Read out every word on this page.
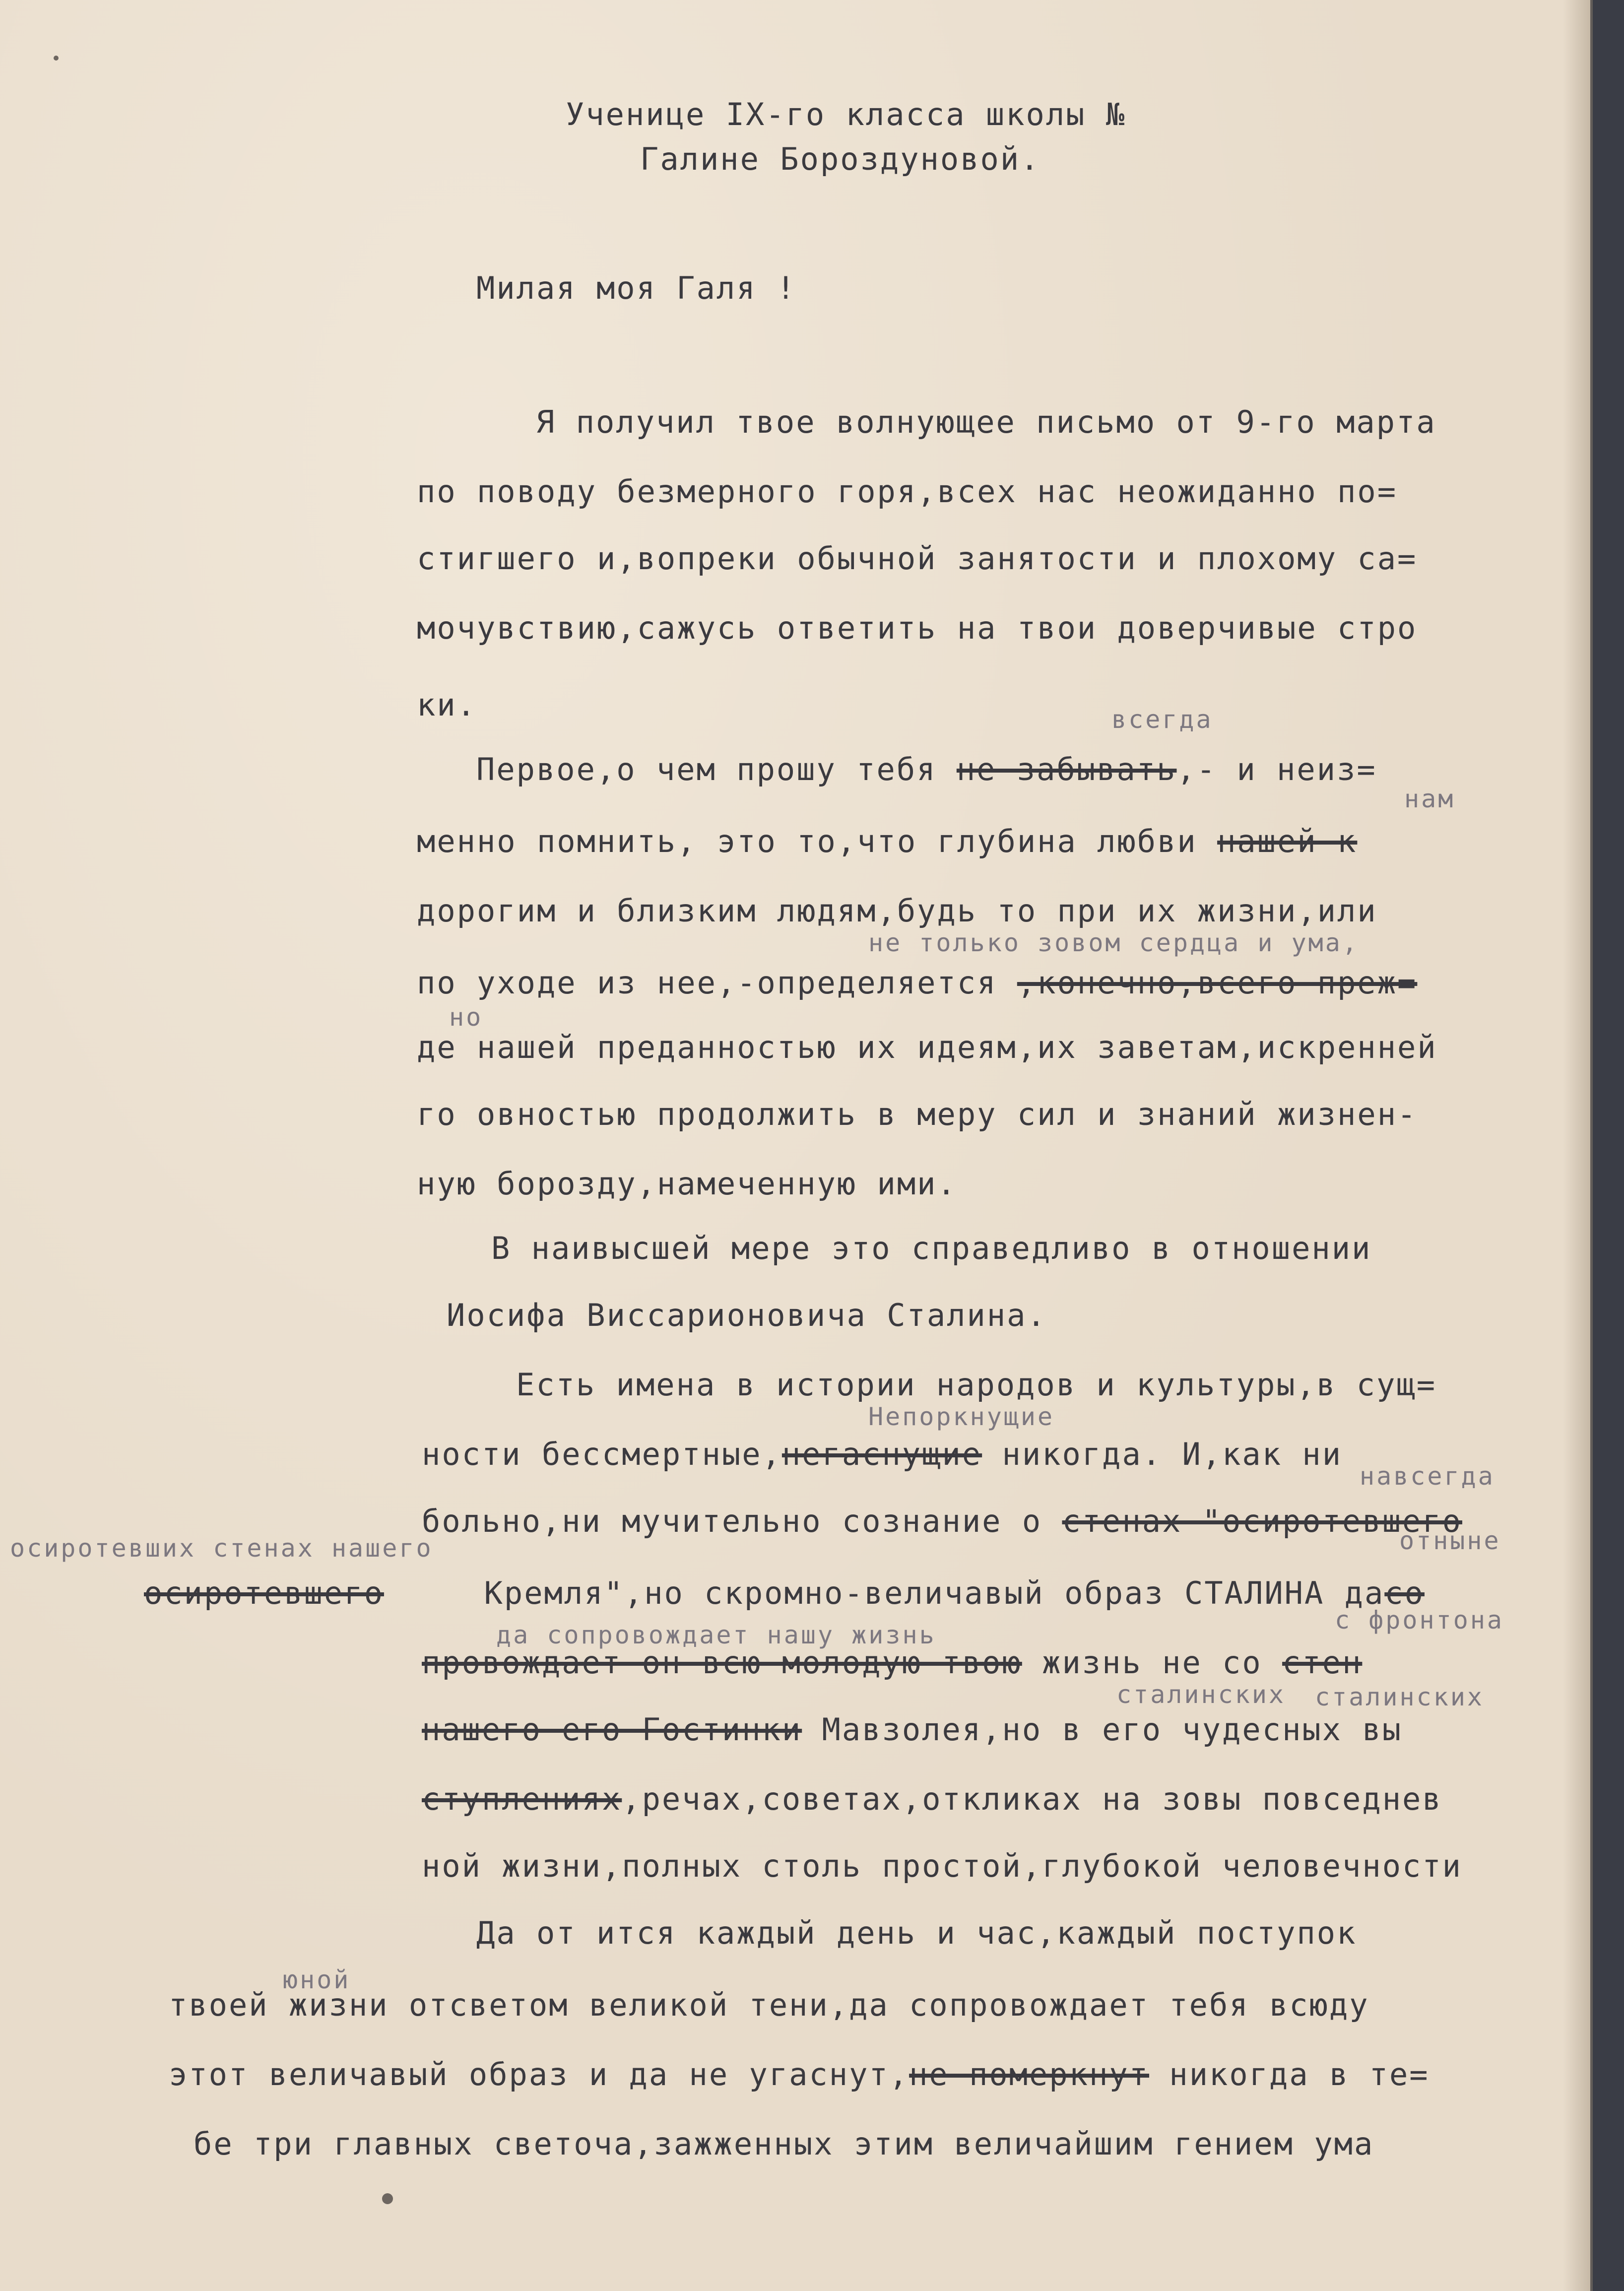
Ученице IX-го класса школы №
Галине Бороздуновой.
Милая моя Галя !
Я получил твое волнующее письмо от 9-го марта
по поводу безмерного горя,всех нас неожиданно по=
стигшего и,вопреки обычной занятости и плохому са=
мочувствию,сажусь ответить на твои доверчивые стро
ки.	всегда
Первое,о чем прошу тебя не забывать,- и неиз=
нам
менно помнить, это то,что глубина любви нашей к
дорогим и близким людям,будь то при их жизни,или
не только зовом сердца и ума,
по уходе из нее,-определяется ,конечно,всего преж=
но
де нашей преданностью их идеям,их заветам,искренней
го овностью продолжить в меру сил и знаний жизнен-
ную борозду,намеченную ими.
В наивысшей мере это справедливо в отношении
Иосифа Виссарионовича Сталина.
Есть имена в истории народов и культуры,в сущ=
Непоркнущие
ности бессмертные,негаснущие никогда. И,как ни
навсегда
больно,ни мучительно сознание о стенах "осиротевшего
отныне
осиротевших стенах нашего
осиротевшего	Кремля",но скромно-величавый образ СТАЛИНА дасо
да сопровождает нашу жизнь
с фронтона
провождает он всю молодую твою жизнь не со стен
сталинских сталинских
нашего его Гостинки Мавзолея,но в его чудесных вы
ступлениях,речах,советах,откликах на зовы повседнев
ной жизни,полных столь простой,глубокой человечности
Да от ится каждый день и час,каждый поступок
юной
твоей жизни отсветом великой тени,да сопровождает тебя всюду
этот величавый образ и да не угаснут,не померкнут никогда в те=
бе три главных светоча,зажженных этим величайшим гением ума
